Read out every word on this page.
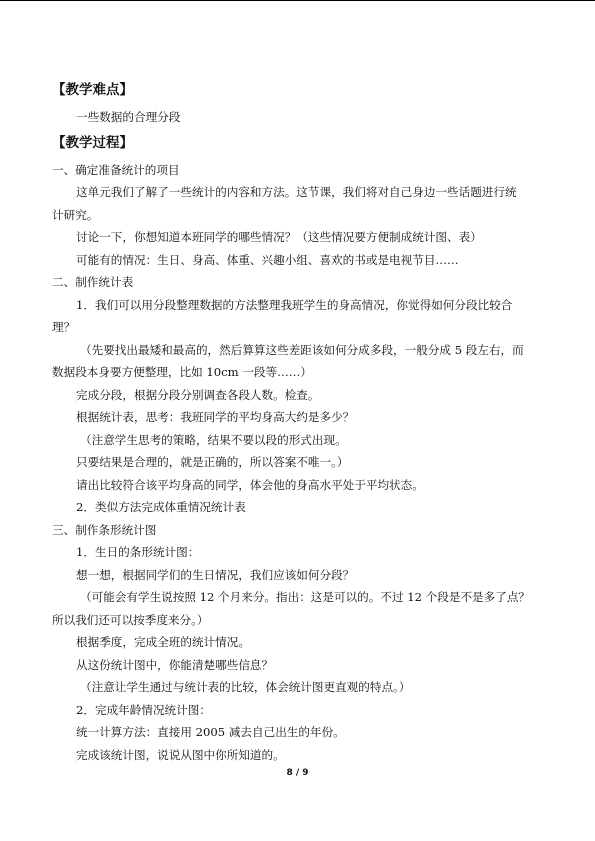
【教学难点】

一些数据的合理分段

【教学过程】

一、确定准备统计的项目

这单元我们了解了一些统计的内容和方法。这节课，我们将对自己身边一些话题进行统

计研究。

讨论一下，你想知道本班同学的哪些情况？（这些情况要方便制成统计图、表）

可能有的情况：生日、身高、体重、兴趣小组、喜欢的书或是电视节目……

二、制作统计表

1．我们可以用分段整理数据的方法整理我班学生的身高情况，你觉得如何分段比较合

理？

（先要找出最矮和最高的，然后算算这些差距该如何分成多段，一般分成 5 段左右，而

数据段本身要方便整理，比如 10cm 一段等……）

完成分段，根据分段分别调查各段人数。检查。

根据统计表，思考：我班同学的平均身高大约是多少？

（注意学生思考的策略，结果不要以段的形式出现。

只要结果是合理的，就是正确的，所以答案不唯一。）

请出比较符合该平均身高的同学，体会他的身高水平处于平均状态。

2．类似方法完成体重情况统计表

三、制作条形统计图

1．生日的条形统计图：

想一想，根据同学们的生日情况，我们应该如何分段？

（可能会有学生说按照 12 个月来分。指出：这是可以的。不过 12 个段是不是多了点？

所以我们还可以按季度来分。）

根据季度，完成全班的统计情况。

从这份统计图中，你能清楚哪些信息？

（注意让学生通过与统计表的比较，体会统计图更直观的特点。）

2．完成年龄情况统计图：

统一计算方法：直接用 2005 减去自己出生的年份。

完成该统计图，说说从图中你所知道的。

8 / 9
